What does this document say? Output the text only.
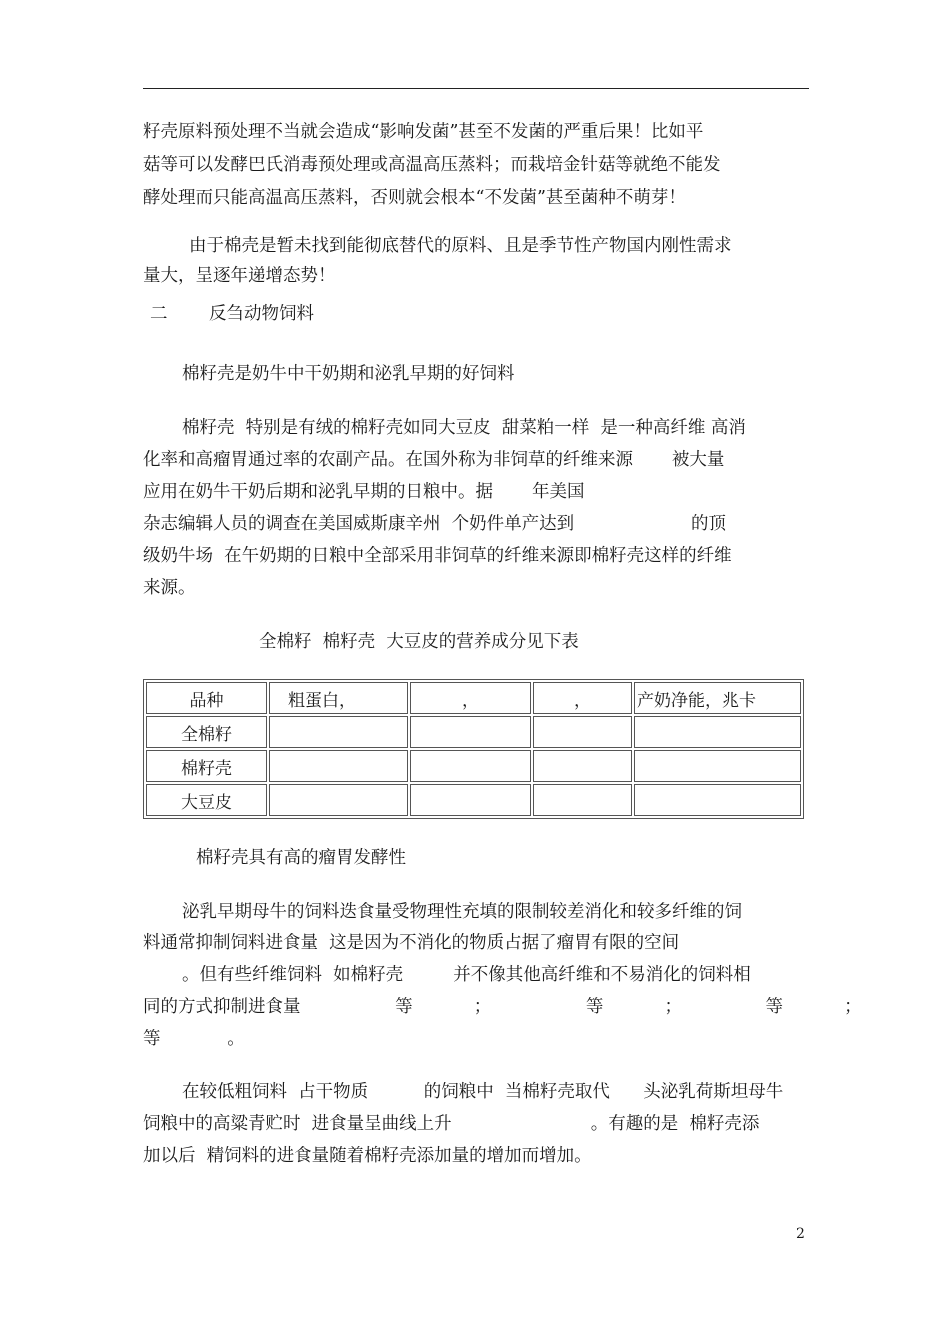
籽壳原料预处理不当就会造成“影响发菌”甚至不发菌的严重后果！比如平
菇等可以发酵巴氏消毒预处理或高温高压蒸料；而栽培金针菇等就绝不能发
酵处理而只能高温高压蒸料，否则就会根本“不发菌”甚至菌种不萌芽！
由于棉壳是暂未找到能彻底替代的原料、且是季节性产物国内刚性需求
量大，呈逐年递增态势！
二 反刍动物饲料
棉籽壳是奶牛中干奶期和泌乳早期的好饲料
棉籽壳  特别是有绒的棉籽壳如同大豆皮  甜菜粕一样  是一种高纤维 高消
化率和高瘤胃通过率的农副产品。在国外称为非饲草的纤维来源       被大量
应用在奶牛干奶后期和泌乳早期的日粮中。据       年美国
杂志编辑人员的调查在美国威斯康辛州  个奶件单产达到                     的顶
级奶牛场  在午奶期的日粮中全部采用非饲草的纤维来源即棉籽壳这样的纤维
来源。
全棉籽  棉籽壳  大豆皮的营养成分见下表
品种	粗蛋白，	，	，	产奶净能，兆卡
全棉籽				
棉籽壳				
大豆皮				
棉籽壳具有高的瘤胃发酵性
泌乳早期母牛的饲料迭食量受物理性充填的限制较差消化和较多纤维的饲
料通常抑制饲料进食量  这是因为不消化的物质占据了瘤胃有限的空间
。但有些纤维饲料  如棉籽壳         并不像其他高纤维和不易消化的饲料相
同的方式抑制进食量                 等           ；                 等           ；               等           ；
等            。
在较低粗饲料  占干物质          的饲粮中  当棉籽壳取代      头泌乳荷斯坦母牛
饲粮中的高粱青贮时  进食量呈曲线上升                         。有趣的是  棉籽壳添
加以后  精饲料的进食量随着棉籽壳添加量的增加而增加。
2
